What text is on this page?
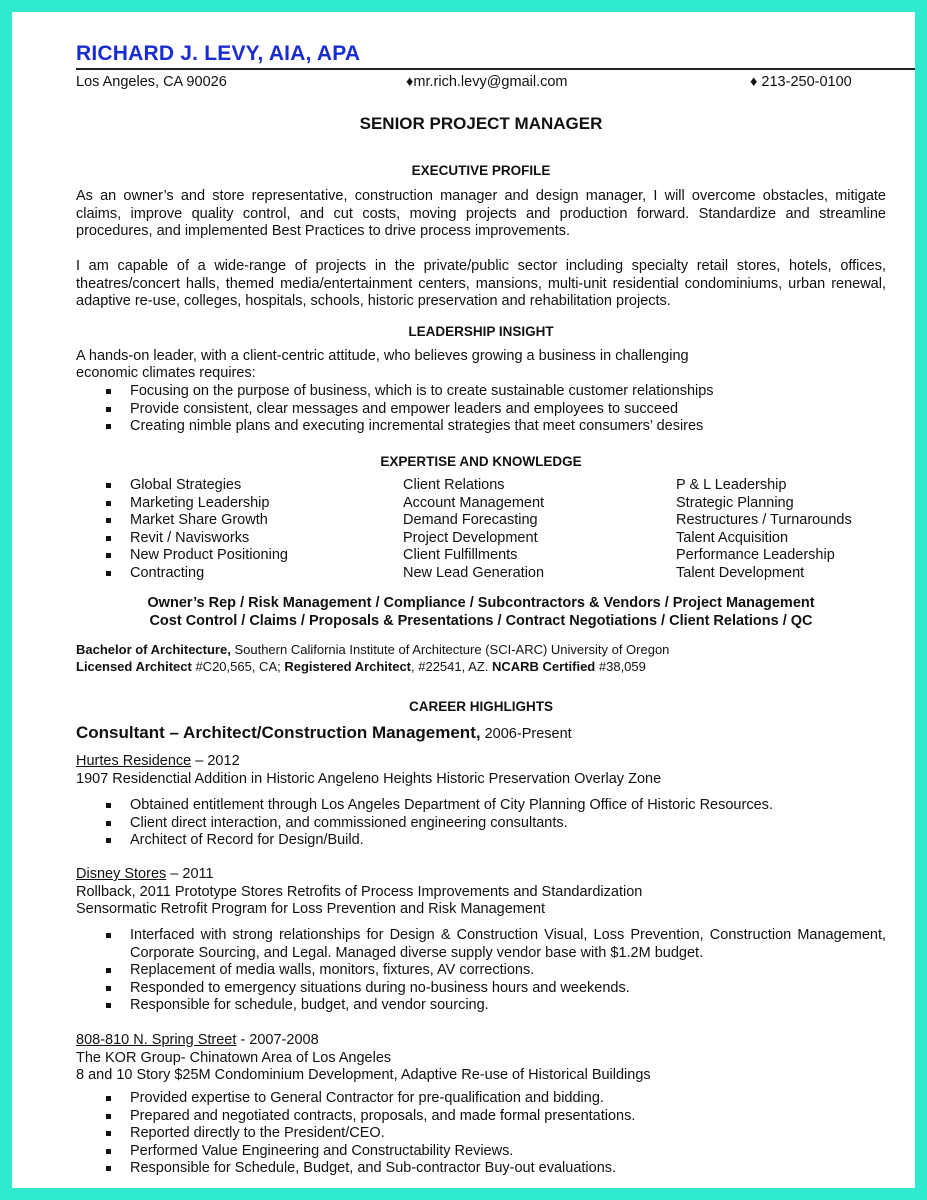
RICHARD J. LEVY, AIA, APA
Los Angeles, CA 90026	♦mr.rich.levy@gmail.com	♦ 213-250-0100
SENIOR PROJECT MANAGER
EXECUTIVE PROFILE

As an owner’s and store representative, construction manager and design manager, I will overcome obstacles, mitigate claims, improve quality control, and cut costs, moving projects and production forward. Standardize and streamline procedures, and implemented Best Practices to drive process improvements.

I am capable of a wide-range of projects in the private/public sector including specialty retail stores, hotels, offices, theatres/concert halls, themed media/entertainment centers, mansions, multi-unit residential condominiums, urban renewal, adaptive re-use, colleges, hospitals, schools, historic preservation and rehabilitation projects.

LEADERSHIP INSIGHT

A hands-on leader, with a client-centric attitude, who believes growing a business in challenging

economic climates requires:

Focusing on the purpose of business, which is to create sustainable customer relationships
Provide consistent, clear messages and empower leaders and employees to succeed
Creating nimble plans and executing incremental strategies that meet consumers’ desires
EXPERTISE AND KNOWLEDGE
Global Strategies
Marketing Leadership
Market Share Growth
Revit / Navisworks
New Product Positioning
Contracting
Client Relations
Account Management
Demand Forecasting
Project Development
Client Fulfillments
New Lead Generation
P & L Leadership
Strategic Planning
Restructures / Turnarounds
Talent Acquisition
Performance Leadership
Talent Development
Owner’s Rep / Risk Management / Compliance / Subcontractors & Vendors / Project Management
Cost Control / Claims / Proposals & Presentations / Contract Negotiations / Client Relations / QC
Bachelor of Architecture, Southern California Institute of Architecture (SCI-ARC) University of Oregon
Licensed Architect #C20,565, CA; Registered Architect, #22541, AZ. NCARB Certified #38,059
CAREER HIGHLIGHTS
Consultant – Architect/Construction Management, 2006-Present
Hurtes Residence – 2012
1907 Residenctial Addition in Historic Angeleno Heights Historic Preservation Overlay Zone
Obtained entitlement through Los Angeles Department of City Planning Office of Historic Resources.
Client direct interaction, and commissioned engineering consultants.
Architect of Record for Design/Build.
Disney Stores – 2011
Rollback, 2011 Prototype Stores Retrofits of Process Improvements and Standardization
Sensormatic Retrofit Program for Loss Prevention and Risk Management
Interfaced with strong relationships for Design & Construction Visual, Loss Prevention, Construction Management, Corporate Sourcing, and Legal. Managed diverse supply vendor base with $1.2M budget.
Replacement of media walls, monitors, fixtures, AV corrections.
Responded to emergency situations during no-business hours and weekends.
Responsible for schedule, budget, and vendor sourcing.
808-810 N. Spring Street - 2007-2008
The KOR Group- Chinatown Area of Los Angeles
8 and 10 Story $25M Condominium Development, Adaptive Re-use of Historical Buildings
Provided expertise to General Contractor for pre-qualification and bidding.
Prepared and negotiated contracts, proposals, and made formal presentations.
Reported directly to the President/CEO.
Performed Value Engineering and Constructability Reviews.
Responsible for Schedule, Budget, and Sub-contractor Buy-out evaluations.
